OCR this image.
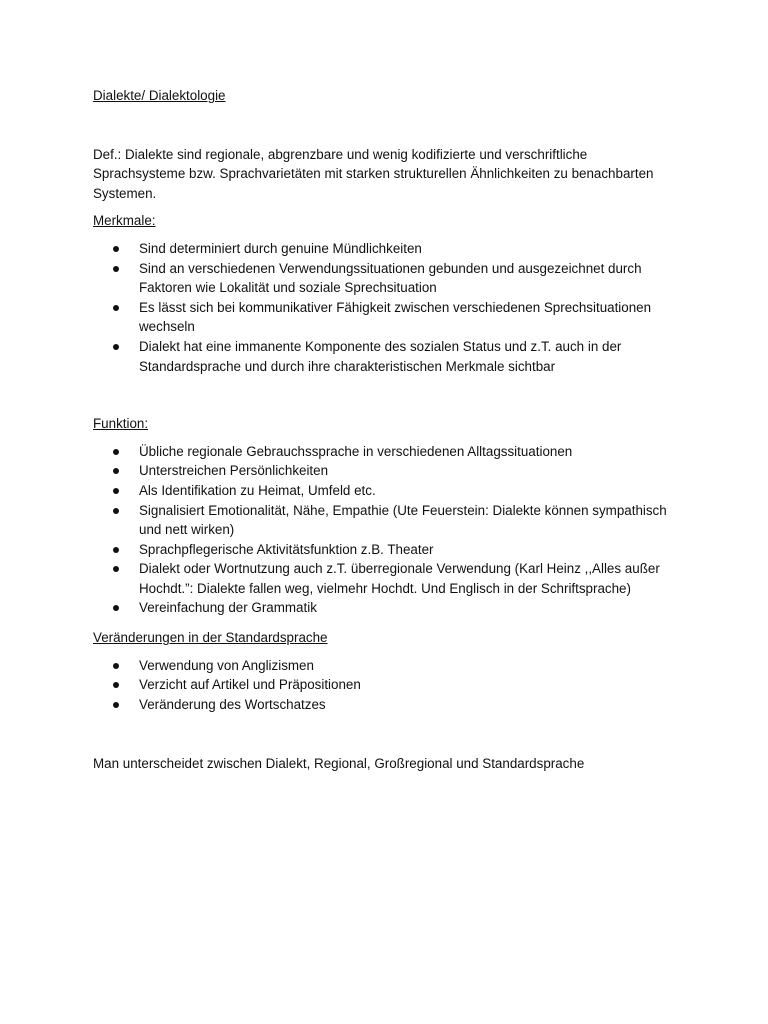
Dialekte/ Dialektologie

Def.: Dialekte sind regionale, abgrenzbare und wenig kodifizierte und verschriftliche Sprachsysteme bzw. Sprachvarietäten mit starken strukturellen Ähnlichkeiten zu benachbarten Systemen.

Merkmale:

Sind determiniert durch genuine Mündlichkeiten
Sind an verschiedenen Verwendungssituationen gebunden und ausgezeichnet durch Faktoren wie Lokalität und soziale Sprechsituation
Es lässt sich bei kommunikativer Fähigkeit zwischen verschiedenen Sprechsituationen wechseln
Dialekt hat eine immanente Komponente des sozialen Status und z.T. auch in der Standardsprache und durch ihre charakteristischen Merkmale sichtbar

Funktion:

Übliche regionale Gebrauchssprache in verschiedenen Alltagssituationen
Unterstreichen Persönlichkeiten
Als Identifikation zu Heimat, Umfeld etc.
Signalisiert Emotionalität, Nähe, Empathie (Ute Feuerstein: Dialekte können sympathisch und nett wirken)
Sprachpflegerische Aktivitätsfunktion z.B. Theater
Dialekt oder Wortnutzung auch z.T. überregionale Verwendung (Karl Heinz ,,Alles außer Hochdt.”: Dialekte fallen weg, vielmehr Hochdt. Und Englisch in der Schriftsprache)
Vereinfachung der Grammatik

Veränderungen in der Standardsprache

Verwendung von Anglizismen
Verzicht auf Artikel und Präpositionen
Veränderung des Wortschatzes

Man unterscheidet zwischen Dialekt, Regional, Großregional und Standardsprache
